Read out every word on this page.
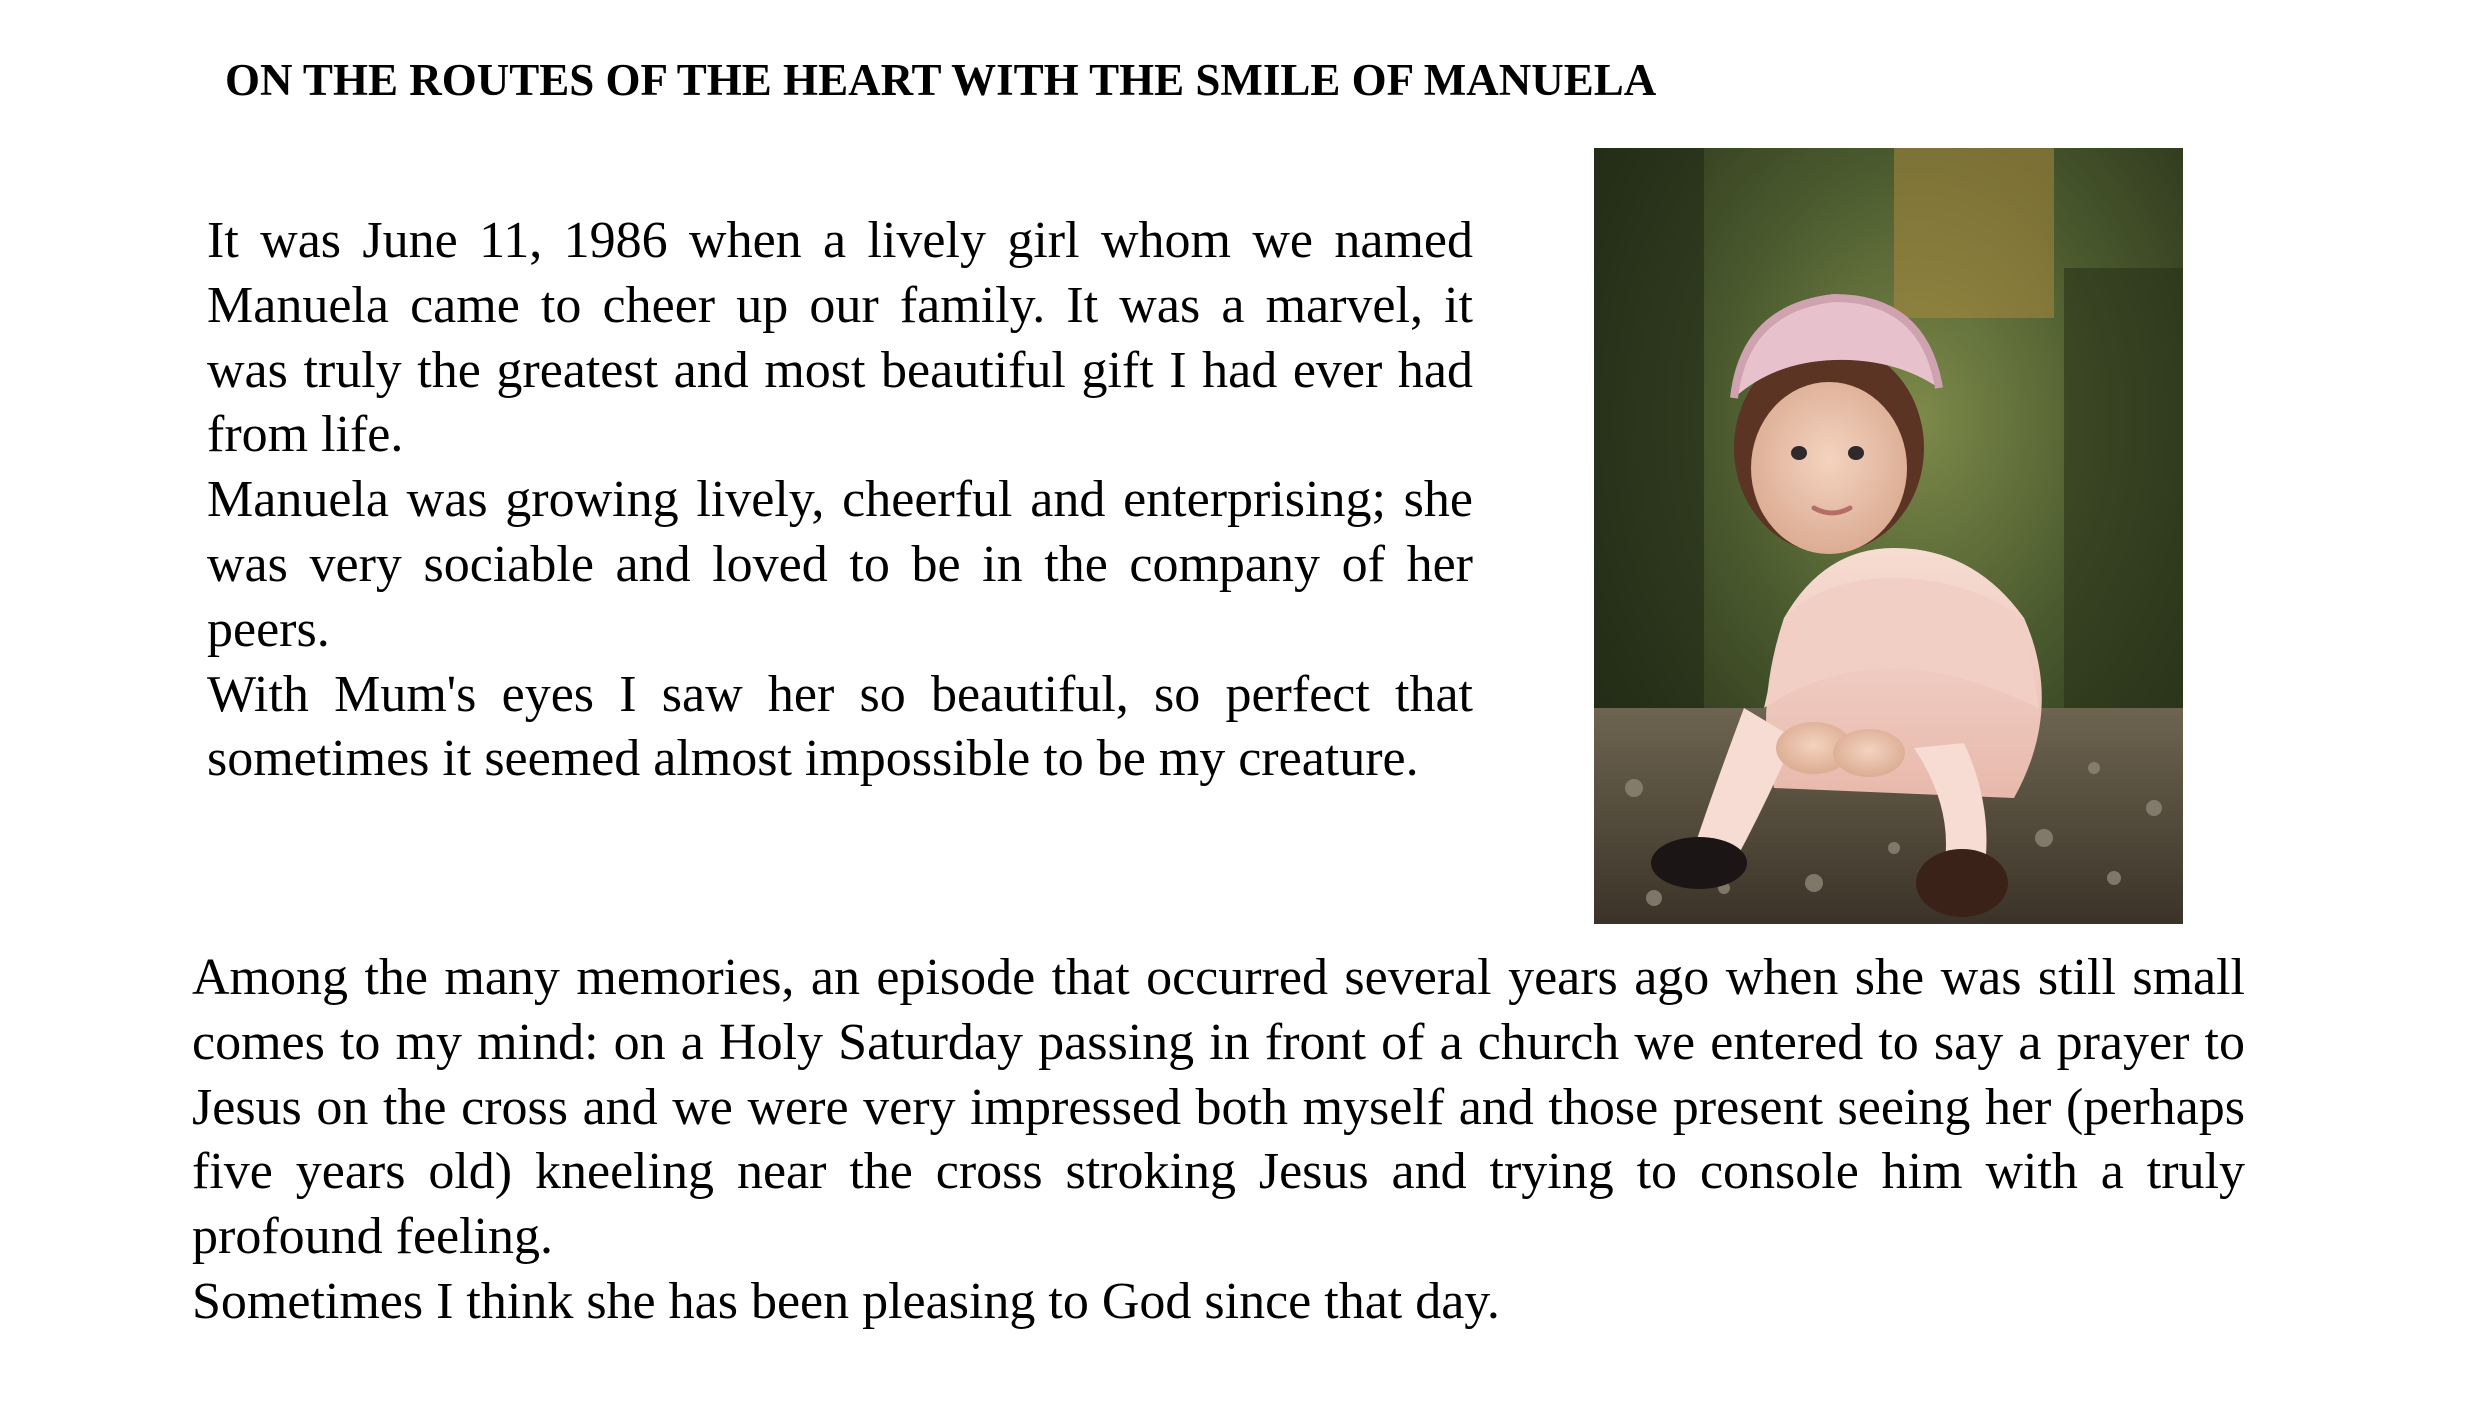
ON THE ROUTES OF THE HEART WITH THE SMILE OF MANUELA

It was June 11, 1986 when a lively girl whom we named Manuela came to cheer up our family. It was a marvel, it was truly the greatest and most beautiful gift I had ever had from life.

Manuela was growing lively, cheerful and enterprising; she was very sociable and loved to be in the company of her peers.

With Mum's eyes I saw her so beautiful, so perfect that sometimes it seemed almost impossible to be my creature.

Among the many memories, an episode that occurred several years ago when she was still small comes to my mind: on a Holy Saturday passing in front of a church we entered to say a prayer to Jesus on the cross and we were very impressed both myself and those present seeing her (perhaps five years old) kneeling near the cross stroking Jesus and trying to console him with a truly profound feeling.

Sometimes I think she has been pleasing to God since that day.
